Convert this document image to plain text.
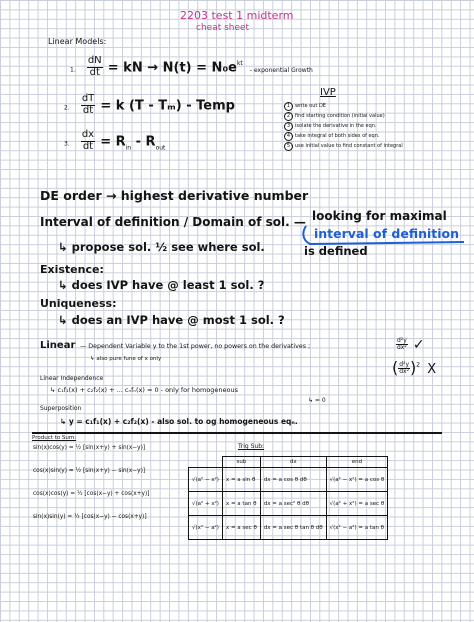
2203 test 1 midterm
cheat sheet
Linear Models:
1. $\frac{dN}{dt}$ = kN → $N(t) = N_0e^{kt}$ - exponential Growth
2. $\frac{dT}{dt} = k$ (T - Tₘ) - Temp
3. $\frac{dx}{dt} = R_{in} - R_{out}$
IVP
1 write out DE
2 find starting condition (initial value)
3 isolate the derivative in the eqn.
4 take integral of both sides of eqn.
5 use initial value to find constant of integral
DE order → highest derivative number
Interval of definition / Domain of sol. — looking for maximal
interval of definition
↳ propose sol. ½ see where sol.	is defined
Existence:
↳ does IVP have @ least 1 sol. ?
Uniqueness:
↳ does an IVP have @ most 1 sol. ?
Linear — Dependent Variable y to the 1st power, no powers on the derivatives ;
↳ also pure fune of x only
$\frac{\text{d²y}}{\text{dx²}}$ ✓
( $\frac{\text{d²y}}{\text{dx²}} )^2$ X
Linear Independence
↳ c₁f₁(x) + c₂f₂(x) + ... cₙfₙ(x) = 0 - only for homogeneous
↳ = 0
Superposition
↳ y = c₁f₁(x) + c₂f₂(x) - also sol. to og homogeneous eqₙ.
Product to Sum:
sin(x)cos(y) = ½ [sin(x+y) + sin(x−y)]
cos(x)sin(y) = ½ [sin(x+y) − sin(x−y)]
cos(x)cos(y) = ½ [cos(x−y) + cos(x+y)]
sin(x)sin(y) = ½ [cos(x−y) − cos(x+y)]
Trig Sub:
	sub	dx	end
√(a² − x²)	x = a sin θ	dx = a cos θ dθ	√(a² − x²) = a cos θ
√(a² + x²)	x = a tan θ	dx = a sec² θ dθ	√(a² + x²) = a sec θ
√(x² − a²)	x = a sec θ	dx = a sec θ tan θ dθ	√(x² − a²) = a tan θ
